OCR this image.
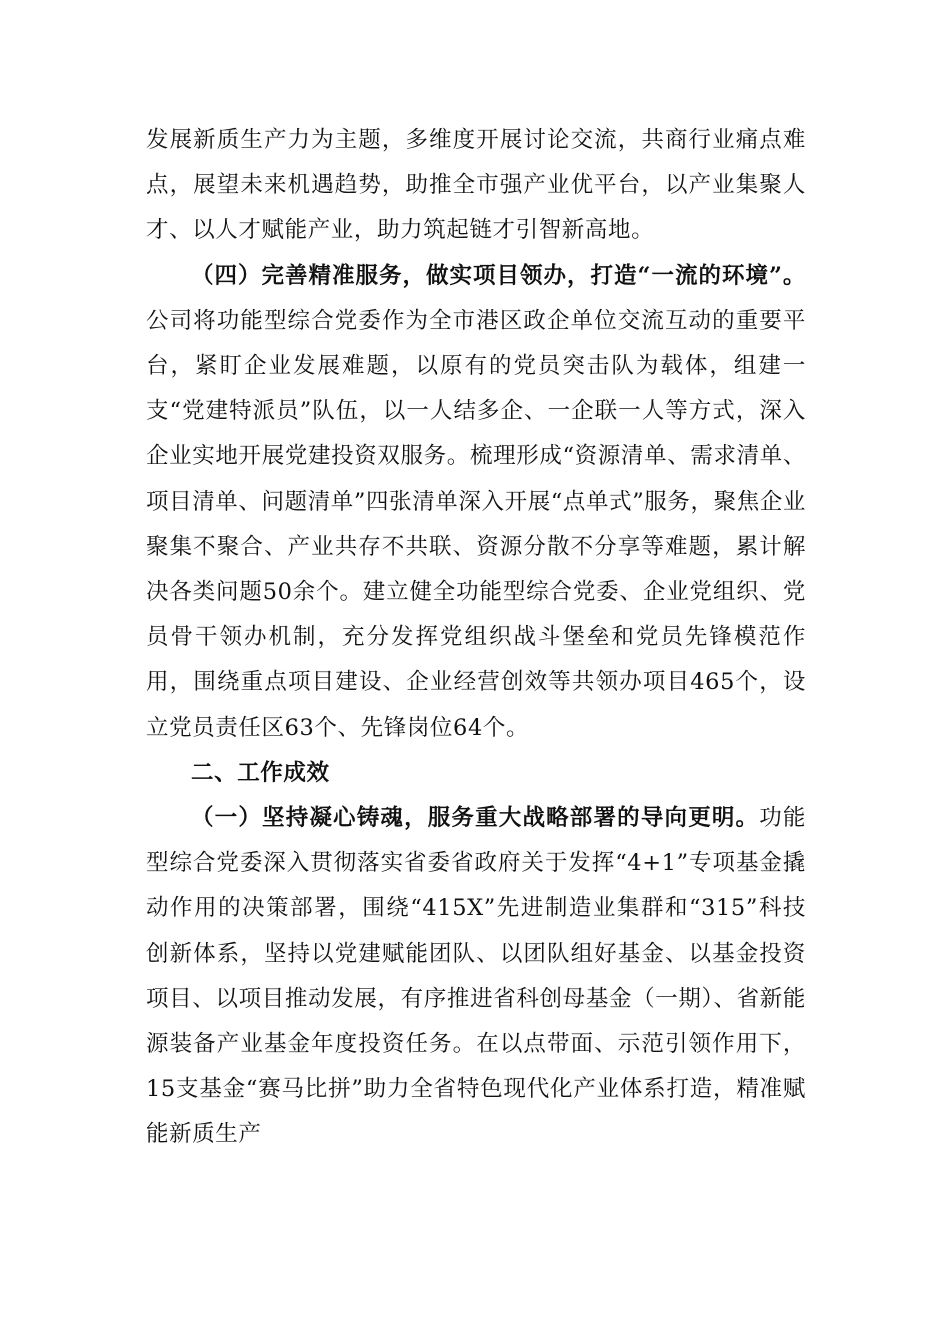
发展新质生产力为主题，多维度开展讨论交流，共商行业痛点难点，展望未来机遇趋势，助推全市强产业优平台，以产业集聚人才、以人才赋能产业，助力筑起链才引智新高地。

（四）完善精准服务，做实项目领办，打造“一流的环境”。公司将功能型综合党委作为全市港区政企单位交流互动的重要平台，紧盯企业发展难题，以原有的党员突击队为载体，组建一支“党建特派员”队伍，以一人结多企、一企联一人等方式，深入企业实地开展党建投资双服务。梳理形成“资源清单、需求清单、项目清单、问题清单”四张清单深入开展“点单式”服务，聚焦企业聚集不聚合、产业共存不共联、资源分散不分享等难题，累计解决各类问题50余个。建立健全功能型综合党委、企业党组织、党员骨干领办机制，充分发挥党组织战斗堡垒和党员先锋模范作用，围绕重点项目建设、企业经营创效等共领办项目465个，设立党员责任区63个、先锋岗位64个。

二、工作成效

（一）坚持凝心铸魂，服务重大战略部署的导向更明。功能型综合党委深入贯彻落实省委省政府关于发挥“4+1”专项基金撬动作用的决策部署，围绕“415X”先进制造业集群和“315”科技创新体系，坚持以党建赋能团队、以团队组好基金、以基金投资项目、以项目推动发展，有序推进省科创母基金（一期）、省新能源装备产业基金年度投资任务。在以点带面、示范引领作用下，15支基金“赛马比拼”助力全省特色现代化产业体系打造，精准赋能新质生产
